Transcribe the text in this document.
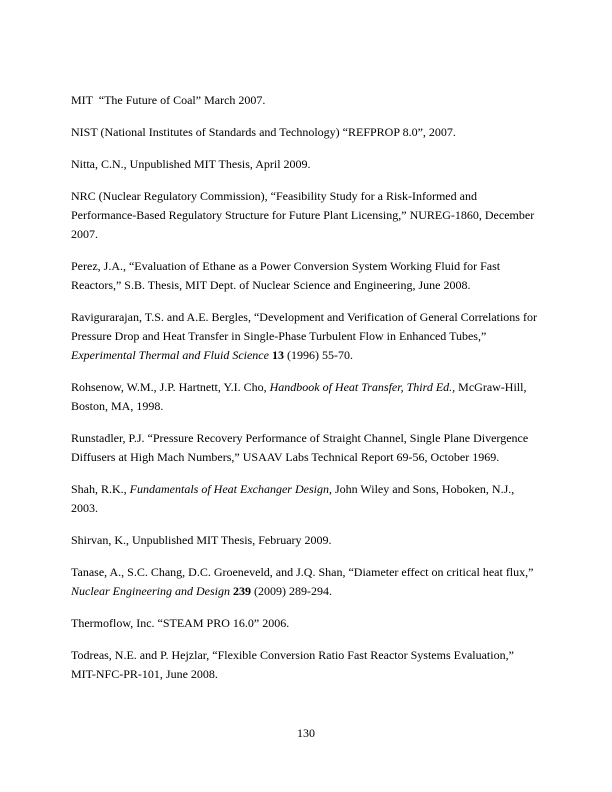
MIT  “The Future of Coal” March 2007.

NIST (National Institutes of Standards and Technology) “REFPROP 8.0”, 2007.

Nitta, C.N., Unpublished MIT Thesis, April 2009.

NRC (Nuclear Regulatory Commission), “Feasibility Study for a Risk-Informed and Performance-Based Regulatory Structure for Future Plant Licensing,” NUREG-1860, December 2007.

Perez, J.A., “Evaluation of Ethane as a Power Conversion System Working Fluid for Fast Reactors,” S.B. Thesis, MIT Dept. of Nuclear Science and Engineering, June 2008.

Ravigurarajan, T.S. and A.E. Bergles, “Development and Verification of General Correlations for Pressure Drop and Heat Transfer in Single-Phase Turbulent Flow in Enhanced Tubes,” Experimental Thermal and Fluid Science 13 (1996) 55-70.

Rohsenow, W.M., J.P. Hartnett, Y.I. Cho, Handbook of Heat Transfer, Third Ed., McGraw-Hill, Boston, MA, 1998.

Runstadler, P.J. “Pressure Recovery Performance of Straight Channel, Single Plane Divergence Diffusers at High Mach Numbers,” USAAV Labs Technical Report 69-56, October 1969.

Shah, R.K., Fundamentals of Heat Exchanger Design, John Wiley and Sons, Hoboken, N.J., 2003.

Shirvan, K., Unpublished MIT Thesis, February 2009.

Tanase, A., S.C. Chang, D.C. Groeneveld, and J.Q. Shan, “Diameter effect on critical heat flux,” Nuclear Engineering and Design 239 (2009) 289-294.

Thermoflow, Inc. “STEAM PRO 16.0” 2006.

Todreas, N.E. and P. Hejzlar, “Flexible Conversion Ratio Fast Reactor Systems Evaluation,” MIT-NFC-PR-101, June 2008.

130
